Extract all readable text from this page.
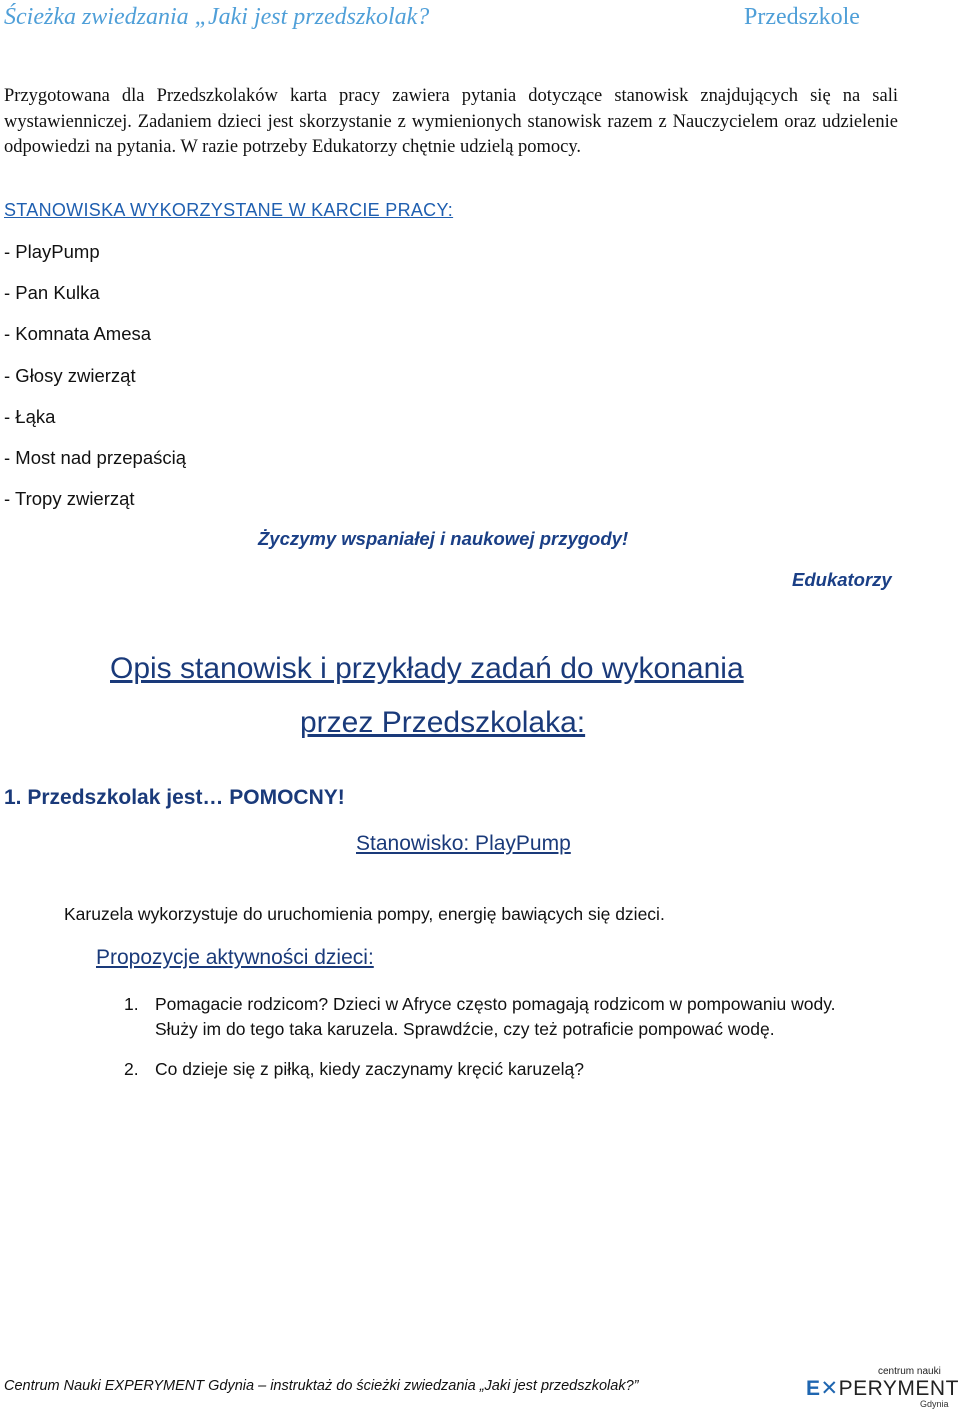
Ścieżka zwiedzania „Jaki jest przedszkolak?	Przedszkole
Przygotowana dla Przedszkolaków karta pracy zawiera pytania dotyczące stanowisk znajdujących się na sali wystawienniczej. Zadaniem dzieci jest skorzystanie z wymienionych stanowisk razem z Nauczycielem oraz udzielenie odpowiedzi na pytania. W razie potrzeby Edukatorzy chętnie udzielą pomocy.
STANOWISKA WYKORZYSTANE W KARCIE PRACY:
- PlayPump
- Pan Kulka
- Komnata Amesa
- Głosy zwierząt
- Łąka
- Most nad przepaścią
- Tropy zwierząt
Życzymy wspaniałej i naukowej przygody!
Edukatorzy
Opis stanowisk i przykłady zadań do wykonania
przez Przedszkolaka:
1. Przedszkolak jest… POMOCNY!
Stanowisko: PlayPump
Karuzela wykorzystuje do uruchomienia pompy, energię bawiących się dzieci.
Propozycje aktywności dzieci:
1. Pomagacie rodzicom? Dzieci w Afryce często pomagają rodzicom w pompowaniu wody. Służy im do tego taka karuzela. Sprawdźcie, czy też potraficie pompować wodę.
2. Co dzieje się z piłką, kiedy zaczynamy kręcić karuzelą?
Centrum Nauki EXPERYMENT Gdynia – instruktaż do ścieżki zwiedzania „Jaki jest przedszkolak?”
centrum nauki
E✕PERYMENT
Gdynia
